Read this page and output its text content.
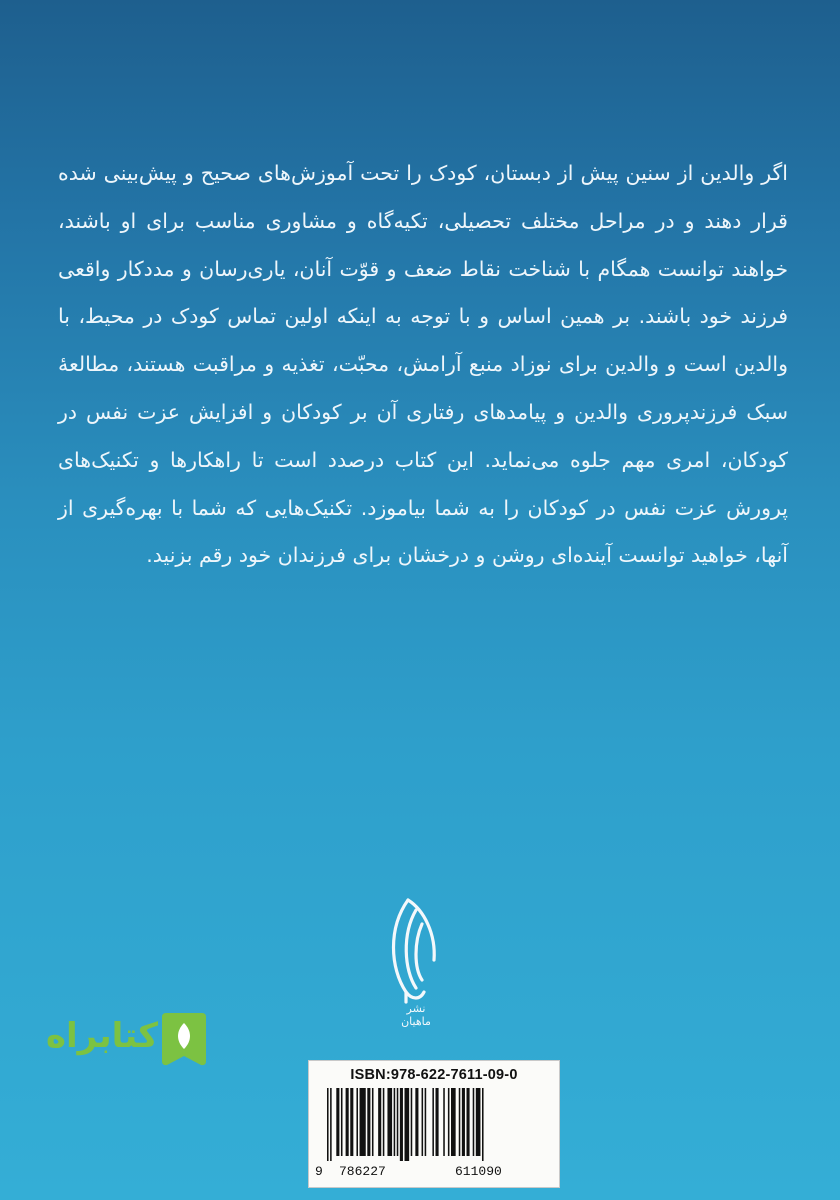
اگر والدین از سنین پیش از دبستان، کودک را تحت آموزش‌های صحیح و پیش‌بینی شده قرار دهند و در مراحل مختلف تحصیلی، تکیه‌گاه و مشاوری مناسب برای او باشند، خواهند توانست همگام با شناخت نقاط ضعف و قوّت آنان، یاری‌رسان و مددکار واقعی فرزند خود باشند. بر همین اساس و با توجه به اینکه اولین تماس کودک در محیط، با والدین است و والدین برای نوزاد منبع آرامش، محبّت، تغذیه و مراقبت هستند، مطالعهٔ سبک فرزندپروری والدین و پیامدهای رفتاری آن بر کودکان و افزایش عزت نفس در کودکان، امری مهم جلوه می‌نماید. این کتاب درصدد است تا راهکارها و تکنیک‌های پرورش عزت نفس در کودکان را به شما بیاموزد. تکنیک‌هایی که شما با بهره‌گیری از آنها، خواهید توانست آینده‌ای روشن و درخشان برای فرزندان خود رقم بزنید.

نشر
ماهیان
ISBN:978-622-7611-09-0
9 786227	611090
کتابراه
